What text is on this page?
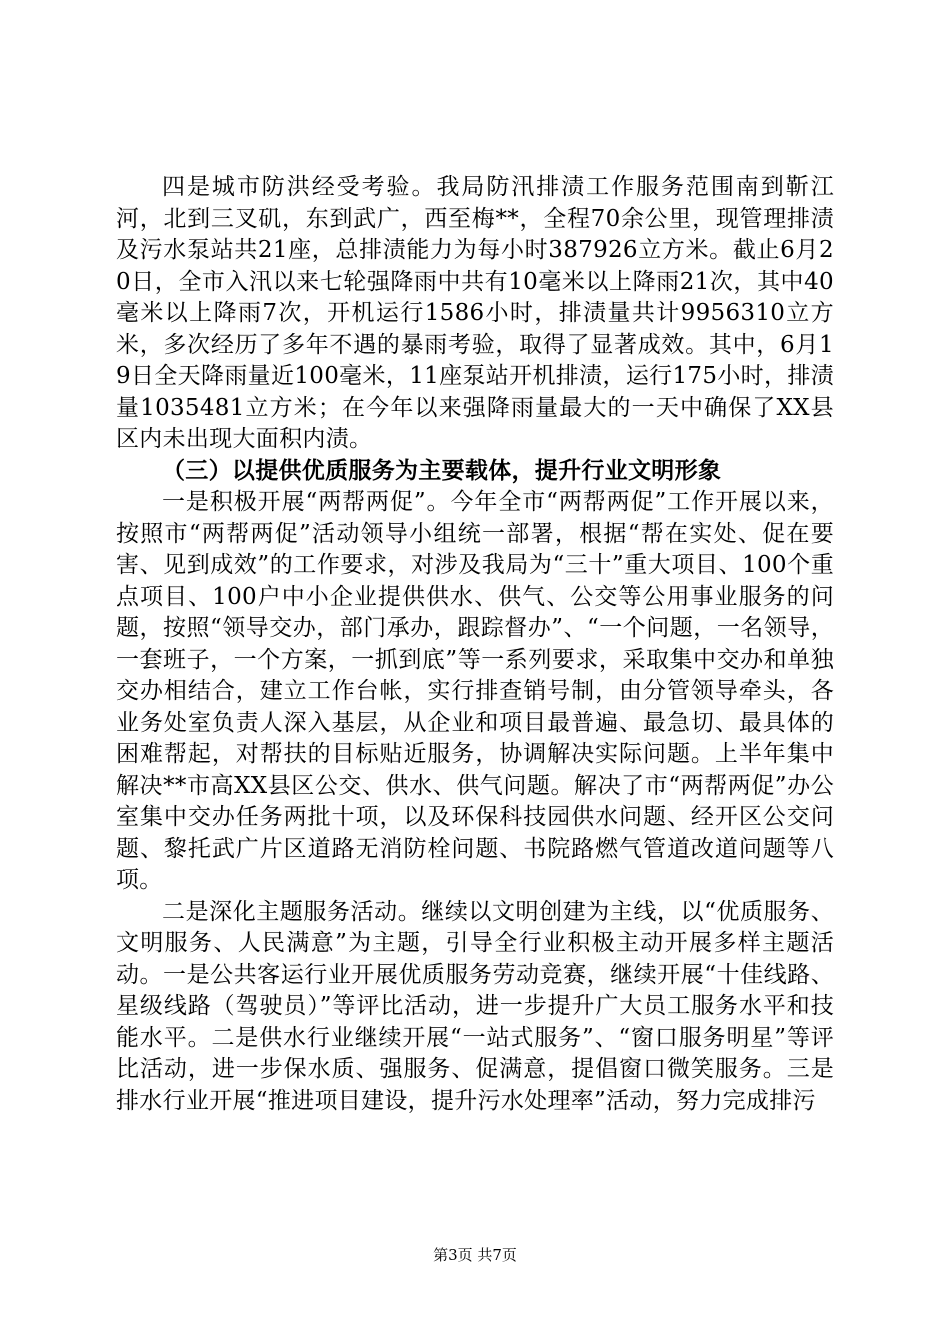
四是城市防洪经受考验。我局防汛排渍工作服务范围南到靳江河，北到三叉矶，东到武广，西至梅**，全程70余公里，现管理排渍及污水泵站共21座，总排渍能力为每小时387926立方米。截止6月20日，全市入汛以来七轮强降雨中共有10毫米以上降雨21次，其中40毫米以上降雨7次，开机运行1586小时，排渍量共计9956310立方米，多次经历了多年不遇的暴雨考验，取得了显著成效。其中，6月19日全天降雨量近100毫米，11座泵站开机排渍，运行175小时，排渍量1035481立方米；在今年以来强降雨量最大的一天中确保了XX县区内未出现大面积内渍。

（三）以提供优质服务为主要载体，提升行业文明形象

一是积极开展“两帮两促”。今年全市“两帮两促”工作开展以来，按照市“两帮两促”活动领导小组统一部署，根据“帮在实处、促在要害、见到成效”的工作要求，对涉及我局为“三十”重大项目、100个重点项目、100户中小企业提供供水、供气、公交等公用事业服务的问题，按照“领导交办，部门承办，跟踪督办”、“一个问题，一名领导，一套班子，一个方案，一抓到底”等一系列要求，采取集中交办和单独交办相结合，建立工作台帐，实行排查销号制，由分管领导牵头，各业务处室负责人深入基层，从企业和项目最普遍、最急切、最具体的困难帮起，对帮扶的目标贴近服务，协调解决实际问题。上半年集中解决**市高XX县区公交、供水、供气问题。解决了市“两帮两促”办公室集中交办任务两批十项，以及环保科技园供水问题、经开区公交问题、黎托武广片区道路无消防栓问题、书院路燃气管道改道问题等八项。

二是深化主题服务活动。继续以文明创建为主线，以“优质服务、文明服务、人民满意”为主题，引导全行业积极主动开展多样主题活动。一是公共客运行业开展优质服务劳动竞赛，继续开展“十佳线路、星级线路（驾驶员）”等评比活动，进一步提升广大员工服务水平和技能水平。二是供水行业继续开展“一站式服务”、“窗口服务明星”等评比活动，进一步保水质、强服务、促满意，提倡窗口微笑服务。三是排水行业开展“推进项目建设，提升污水处理率”活动，努力完成排污

第3页 共7页
